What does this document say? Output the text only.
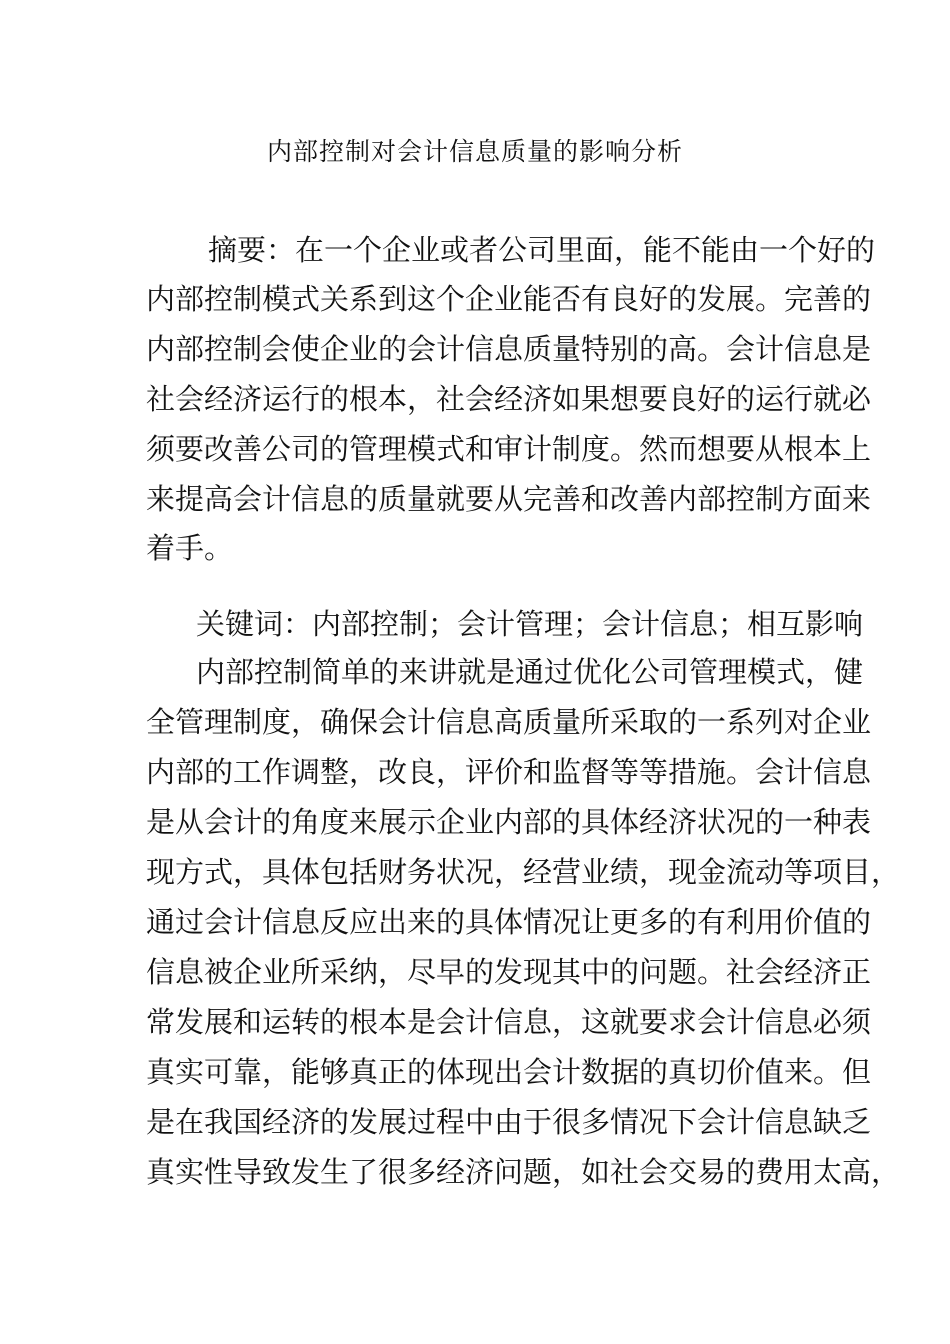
内部控制对会计信息质量的影响分析
摘要：在一个企业或者公司里面，能不能由一个好的
内部控制模式关系到这个企业能否有良好的发展。完善的
内部控制会使企业的会计信息质量特别的高。会计信息是
社会经济运行的根本，社会经济如果想要良好的运行就必
须要改善公司的管理模式和审计制度。然而想要从根本上
来提高会计信息的质量就要从完善和改善内部控制方面来
着手。
关键词：内部控制；会计管理；会计信息；相互影响
内部控制简单的来讲就是通过优化公司管理模式，健
全管理制度，确保会计信息高质量所采取的一系列对企业
内部的工作调整，改良，评价和监督等等措施。会计信息
是从会计的角度来展示企业内部的具体经济状况的一种表
现方式，具体包括财务状况，经营业绩，现金流动等项目，
通过会计信息反应出来的具体情况让更多的有利用价值的
信息被企业所采纳，尽早的发现其中的问题。社会经济正
常发展和运转的根本是会计信息，这就要求会计信息必须
真实可靠，能够真正的体现出会计数据的真切价值来。但
是在我国经济的发展过程中由于很多情况下会计信息缺乏
真实性导致发生了很多经济问题，如社会交易的费用太高，
